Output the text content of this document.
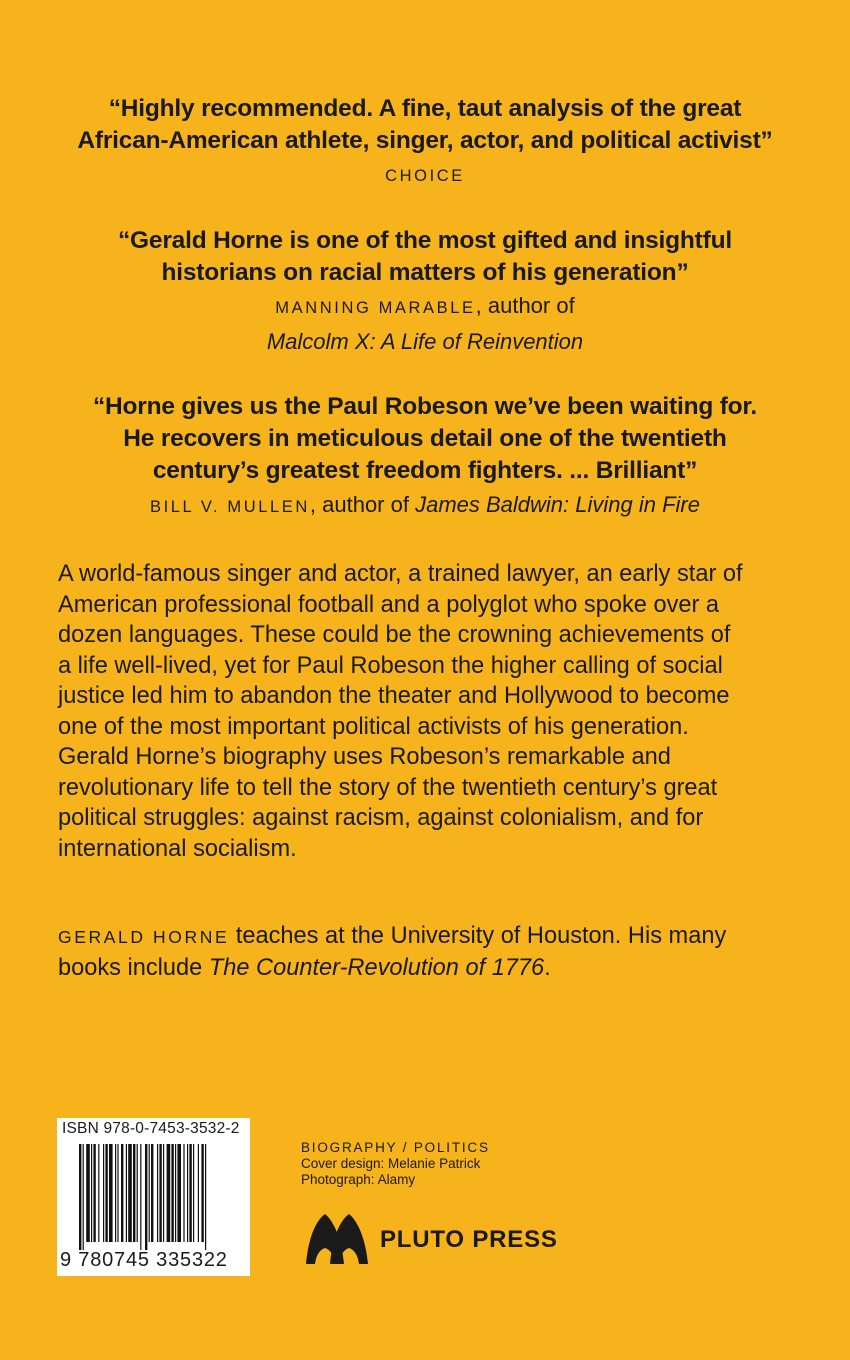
“Highly recommended. A fine, taut analysis of the great
African-American athlete, singer, actor, and political activist”
CHOICE
“Gerald Horne is one of the most gifted and insightful
historians on racial matters of his generation”
MANNING MARABLE, author of
Malcolm X: A Life of Reinvention
“Horne gives us the Paul Robeson we’ve been waiting for.
He recovers in meticulous detail one of the twentieth
century’s greatest freedom fighters. ... Brilliant”
BILL V. MULLEN, author of James Baldwin: Living in Fire
A world-famous singer and actor, a trained lawyer, an early star of
American professional football and a polyglot who spoke over a
dozen languages. These could be the crowning achievements of
a life well-lived, yet for Paul Robeson the higher calling of social
justice led him to abandon the theater and Hollywood to become
one of the most important political activists of his generation.
Gerald Horne’s biography uses Robeson’s remarkable and
revolutionary life to tell the story of the twentieth century’s great
political struggles: against racism, against colonialism, and for
international socialism.
GERALD HORNE teaches at the University of Houston. His many
books include The Counter-Revolution of 1776.
ISBN 978-0-7453-3532-2
9 780745 335322
BIOGRAPHY / POLITICS
Cover design: Melanie Patrick
Photograph: Alamy
PLUTO PRESS
